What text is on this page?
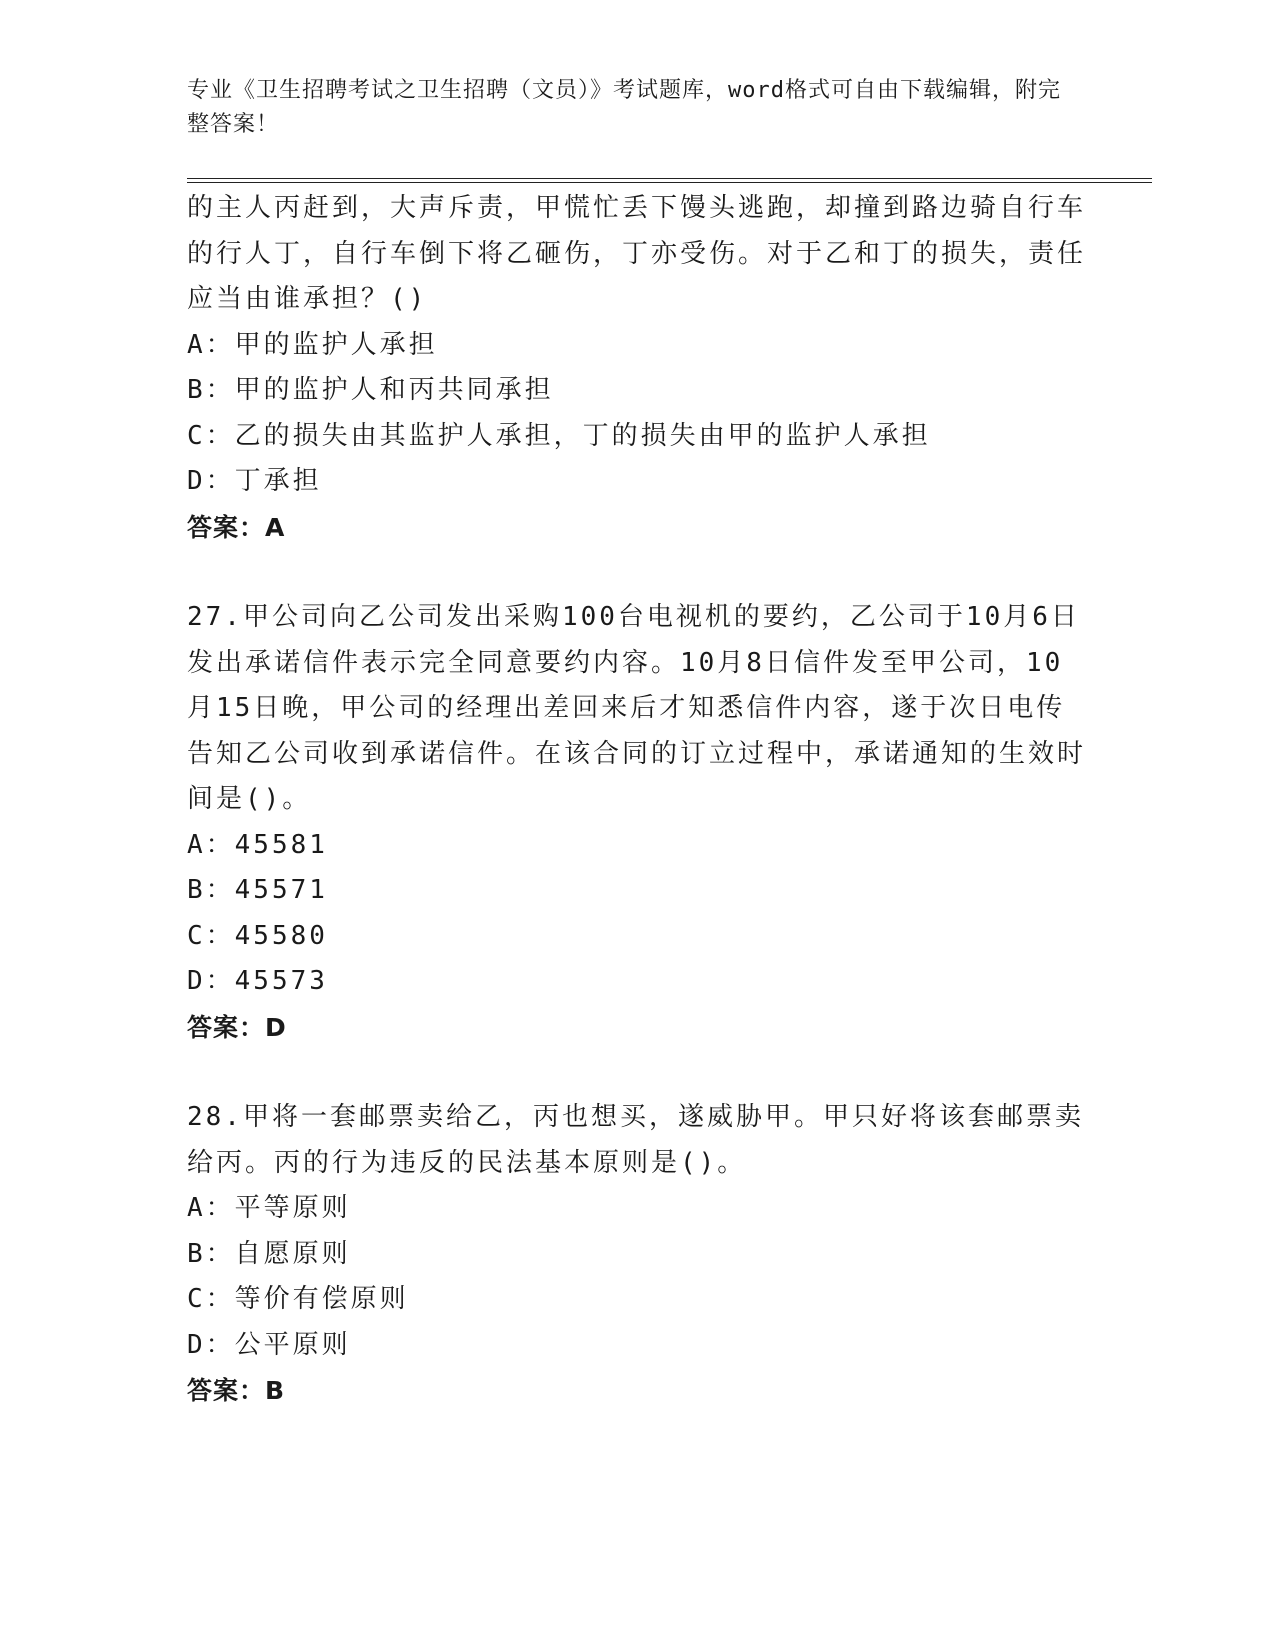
专业《卫生招聘考试之卫生招聘（文员）》考试题库，word格式可自由下载编辑，附完整答案！

的主人丙赶到，大声斥责，甲慌忙丢下馒头逃跑，却撞到路边骑自行车的行人丁，自行车倒下将乙砸伤，丁亦受伤。对于乙和丁的损失，责任应当由谁承担？()

A：甲的监护人承担

B：甲的监护人和丙共同承担

C：乙的损失由其监护人承担，丁的损失由甲的监护人承担

D：丁承担

答案：A

27.甲公司向乙公司发出采购100台电视机的要约，乙公司于10月6日发出承诺信件表示完全同意要约内容。10月8日信件发至甲公司，10月15日晚，甲公司的经理出差回来后才知悉信件内容，遂于次日电传告知乙公司收到承诺信件。在该合同的订立过程中，承诺通知的生效时间是()。

A：45581

B：45571

C：45580

D：45573

答案：D

28.甲将一套邮票卖给乙，丙也想买，遂威胁甲。甲只好将该套邮票卖给丙。丙的行为违反的民法基本原则是()。

A：平等原则

B：自愿原则

C：等价有偿原则

D：公平原则

答案：B
